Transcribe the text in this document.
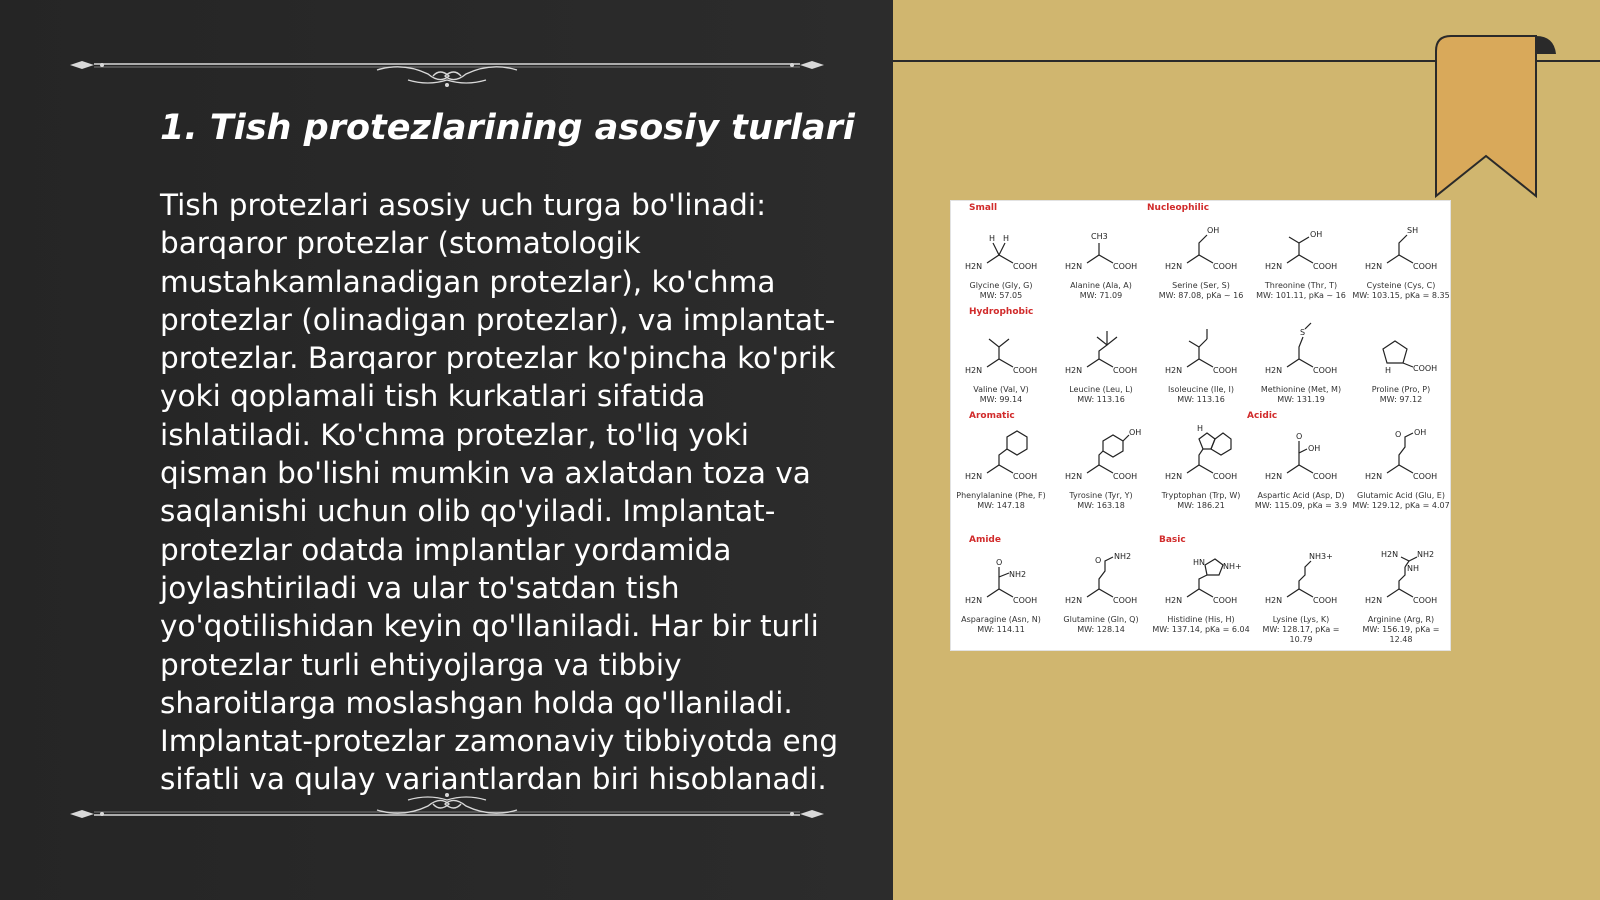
1. Tish protezlarining asosiy turlari

Tish protezlari asosiy uch turga bo'linadi: barqaror protezlar (stomatologik mustahkamlanadigan protezlar), ko'chma protezlar (olinadigan protezlar), va implantat-protezlar. Barqaror protezlar ko'pincha ko'prik yoki qoplamali tish kurkatlari sifatida ishlatiladi. Ko'chma protezlar, to'liq yoki qisman bo'lishi mumkin va axlatdan toza va saqlanishi uchun olib qo'yiladi. Implantat-protezlar odatda implantlar yordamida joylashtiriladi va ular to'satdan tish yo'qotilishidan keyin qo'llaniladi. Har bir turli protezlar turli ehtiyojlarga va tibbiy sharoitlarga moslashgan holda qo'llaniladi. Implantat-protezlar zamonaviy tibbiyotda eng sifatli va qulay variantlardan biri hisoblanadi.

Small	Nucleophilic
Hydrophobic
Aromatic	Acidic
Amide	Basic
H2N	COOH
H H
Glycine (Gly, G)
MW: 57.05
H2N	COOH
CH3
Alanine (Ala, A)
MW: 71.09
H2N	COOH
OH
Serine (Ser, S)
MW: 87.08, pKa ~ 16
H2N	COOH
OH
Threonine (Thr, T)
MW: 101.11, pKa ~ 16
H2N	COOH
SH
Cysteine (Cys, C)
MW: 103.15, pKa = 8.35
H2N	COOH
Valine (Val, V)
MW: 99.14
H2N	COOH
Leucine (Leu, L)
MW: 113.16
H2N	COOH
Isoleucine (Ile, I)
MW: 113.16
H2N	COOH
S
Methionine (Met, M)
MW: 131.19
COOH
H
Proline (Pro, P)
MW: 97.12
H2N	COOH
Phenylalanine (Phe, F)
MW: 147.18
H2N	COOH
OH
Tyrosine (Tyr, Y)
MW: 163.18
H2N	COOH
H
Tryptophan (Trp, W)
MW: 186.21
H2N	COOH
O
OH
Aspartic Acid (Asp, D)
MW: 115.09, pKa = 3.9
H2N	COOH
O OH
Glutamic Acid (Glu, E)
MW: 129.12, pKa = 4.07
H2N	COOH
O
NH2
Asparagine (Asn, N)
MW: 114.11
H2N	COOH
O NH2
Glutamine (Gln, Q)
MW: 128.14
H2N	COOH
HN NH+
Histidine (His, H)
MW: 137.14, pKa = 6.04
H2N	COOH
NH3+
Lysine (Lys, K)
MW: 128.17, pKa = 10.79
H2N	COOH
NH
H2N NH2
Arginine (Arg, R)
MW: 156.19, pKa = 12.48
